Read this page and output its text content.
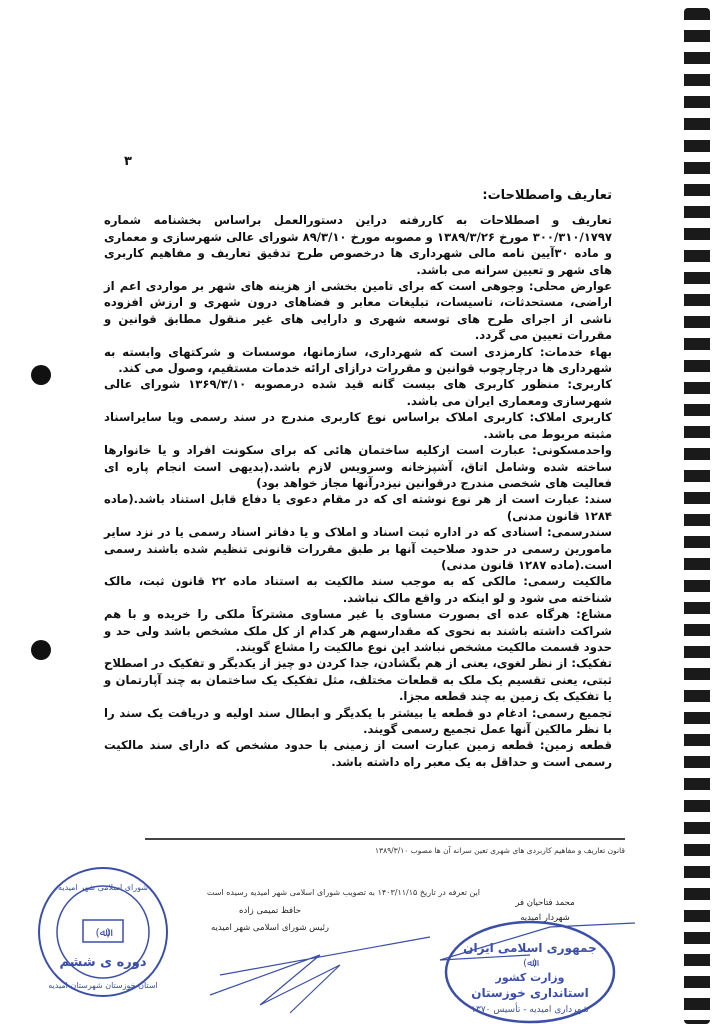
۳
تعاریف واصطلاحات:

تعاریف و اصطلاحات به کاررفته دراین دستورالعمل براساس بخشنامه شماره ۳۰۰/۳۱۰/۱۷۹۷ مورخ ۱۳۸۹/۳/۲۶ و مصوبه مورخ ۸۹/۳/۱۰ شورای عالی شهرسازی و معماری و ماده ۳۰آیین نامه مالی شهرداری ها درخصوص طرح تدقیق تعاریف و مفاهیم کاربری های شهر و تعیین سرانه می باشد.

عوارض محلی: وجوهی است که برای تامین بخشی از هزینه های شهر بر مواردی اعم از اراضی، مستحدثات، تاسیسات، تبلیغات معابر و فضاهای درون شهری و ارزش افزوده ناشی از اجرای طرح های توسعه شهری و دارایی های غیر منقول مطابق قوانین و مقررات تعیین می گردد.

بهاء خدمات: کارمزدی است که شهرداری، سازمانها، موسسات و شرکتهای وابسته به شهرداری ها درچارچوب قوانین و مقررات درازای ارائه خدمات مستقیم، وصول می کند.

کاربری: منظور کاربری های بیست گانه قید شده درمصوبه ۱۳۶۹/۳/۱۰ شورای عالی شهرسازی ومعماری ایران می باشد.

کاربری املاک: کاربری املاک براساس نوع کاربری مندرج در سند رسمی ویا سایراسناد مثبته مربوط می باشد.

واحدمسکونی: عبارت است ازکلیه ساختمان هائی که برای سکونت افراد و یا خانوارها ساخته شده وشامل اتاق، آشپزخانه وسرویس لازم باشد.(بدیهی است انجام پاره ای فعالیت های شخصی مندرج درقوانین نیزدرآنها مجاز خواهد بود)

سند: عبارت است از هر نوع نوشته ای که در مقام دعوی یا دفاع قابل استناد باشد.(ماده ۱۲۸۴ قانون مدنی)

سندرسمی: اسنادی که در اداره ثبت اسناد و املاک و یا دفاتر اسناد رسمی یا در نزد سایر مامورین رسمی در حدود صلاحیت آنها بر طبق مقررات قانونی تنظیم شده باشند رسمی است.(ماده ۱۲۸۷ قانون مدنی)

مالکیت رسمی: مالکی که به موجب سند مالکیت به استناد ماده ۲۲ قانون ثبت، مالک شناخته می شود و لو اینکه در واقع مالک نباشد.

مشاع: هرگاه عده ای بصورت مساوی یا غیر مساوی مشترکاً ملکی را خریده و با هم شراکت داشته باشند به نحوی که مقدارسهم هر کدام از کل ملک مشخص باشد ولی حد و حدود قسمت مالکیت مشخص نباشد این نوع مالکیت را مشاع گویند.

تفکیک: از نظر لغوی، یعنی از هم بگشادن، جدا کردن دو چیز از یکدیگر و تفکیک در اصطلاح ثبتی، یعنی تقسیم یک ملک به قطعات مختلف، مثل تفکیک یک ساختمان به چند آپارتمان و یا تفکیک یک زمین به چند قطعه مجزا.

تجمیع رسمی: ادغام دو قطعه یا بیشتر با یکدیگر و ابطال سند اولیه و دریافت یک سند را با نظر مالکین آنها عمل تجمیع رسمی گویند.

قطعه زمین: قطعه زمین عبارت است از زمینی با حدود مشخص که دارای سند مالکیت رسمی است و حداقل به یک معبر راه داشته باشد.

قانون تعاریف و مفاهیم کاربردی های شهری تعین سرانه آن ها مصوب ۱۳۸۹/۳/۱۰
این تعرفه در تاریخ ۱۴۰۳/۱۱/۱۵ به تصویب شورای اسلامی شهر امیدیه رسیده است
حافظ تمیمی زاده
رئیس شورای اسلامی شهر امیدیه
محمد فتاحیان فر
شهردار امیدیه
(ﷲ)
دوره ی ششم
شورای اسلامی شهر امیدیه
استان خوزستان شهرستان امیدیه
جمهوری اسلامی ایران
(ﷲ)
وزارت کشور
استانداری خوزستان
شهرداری امیدیه - تأسیس ۱۳۷۰
